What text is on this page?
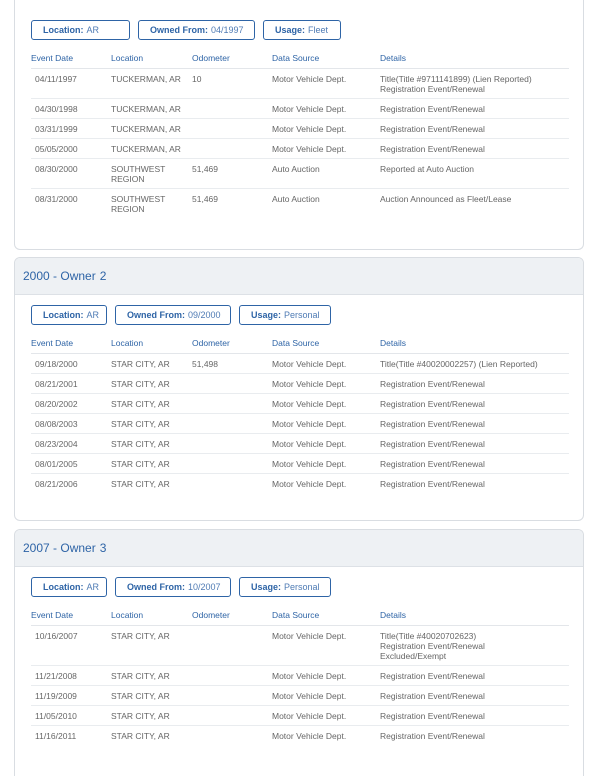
Location: AR	Owned From: 04/1997	Usage: Fleet
Event Date	Location	Odometer	Data Source	Details
04/11/1997	TUCKERMAN, AR	10	Motor Vehicle Dept.	Title(Title #9711141899) (Lien Reported)
Registration Event/Renewal
04/30/1998	TUCKERMAN, AR		Motor Vehicle Dept.	Registration Event/Renewal
03/31/1999	TUCKERMAN, AR		Motor Vehicle Dept.	Registration Event/Renewal
05/05/2000	TUCKERMAN, AR		Motor Vehicle Dept.	Registration Event/Renewal
08/30/2000	SOUTHWEST
REGION	51,469	Auto Auction	Reported at Auto Auction
08/31/2000	SOUTHWEST
REGION	51,469	Auto Auction	Auction Announced as Fleet/Lease
2000 - Owner 2
Location: AR	Owned From: 09/2000	Usage: Personal
Event Date	Location	Odometer	Data Source	Details
09/18/2000	STAR CITY, AR	51,498	Motor Vehicle Dept.	Title(Title #40020002257) (Lien Reported)
08/21/2001	STAR CITY, AR		Motor Vehicle Dept.	Registration Event/Renewal
08/20/2002	STAR CITY, AR		Motor Vehicle Dept.	Registration Event/Renewal
08/08/2003	STAR CITY, AR		Motor Vehicle Dept.	Registration Event/Renewal
08/23/2004	STAR CITY, AR		Motor Vehicle Dept.	Registration Event/Renewal
08/01/2005	STAR CITY, AR		Motor Vehicle Dept.	Registration Event/Renewal
08/21/2006	STAR CITY, AR		Motor Vehicle Dept.	Registration Event/Renewal
2007 - Owner 3
Location: AR	Owned From: 10/2007	Usage: Personal
Event Date	Location	Odometer	Data Source	Details
10/16/2007	STAR CITY, AR		Motor Vehicle Dept.	Title(Title #40020702623)
Registration Event/Renewal
Excluded/Exempt
11/21/2008	STAR CITY, AR		Motor Vehicle Dept.	Registration Event/Renewal
11/19/2009	STAR CITY, AR		Motor Vehicle Dept.	Registration Event/Renewal
11/05/2010	STAR CITY, AR		Motor Vehicle Dept.	Registration Event/Renewal
11/16/2011	STAR CITY, AR		Motor Vehicle Dept.	Registration Event/Renewal
